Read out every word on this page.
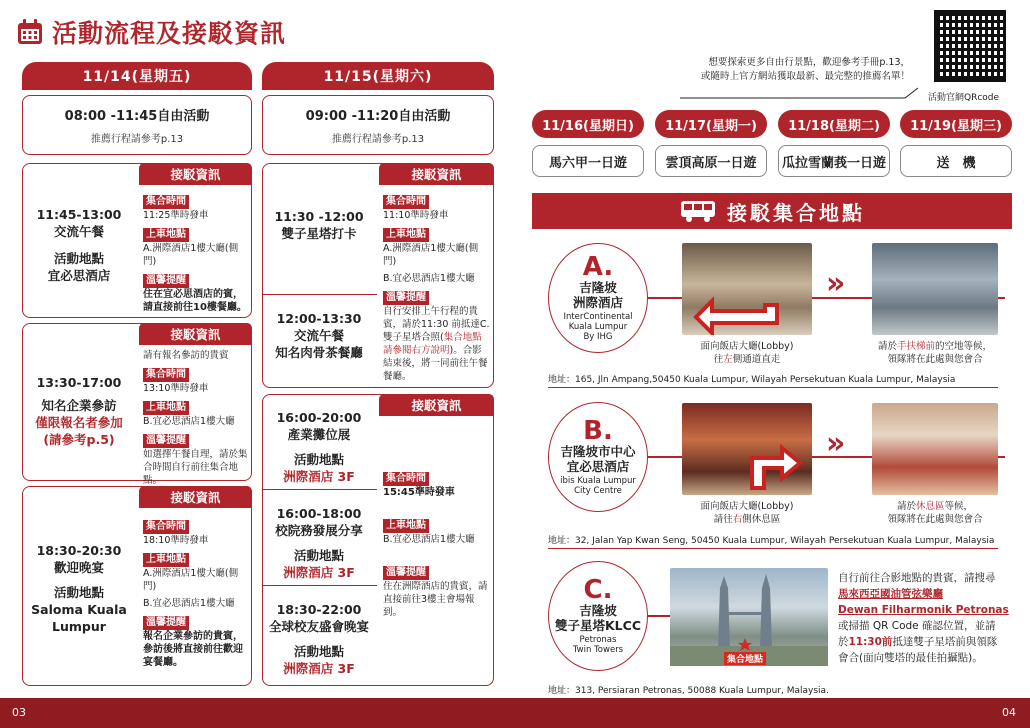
活動流程及接駁資訊
11/14(星期五)
08:00 -11:45自由活動
推薦行程請參考p.13
11:45-13:00
交流午餐
活動地點
宜必思酒店
接駁資訊
集合時間
11:25準時發車
上車地點
A.洲際酒店1樓大廳(側門)
溫馨提醒
住在宜必思酒店的賓，請直接前往10樓餐廳。
13:30-17:00
知名企業參訪
僅限報名者參加
(請參考p.5)
接駁資訊
請有報名參訪的貴賓
集合時間
13:10準時發車
上車地點
B.宜必思酒店1樓大廳
溫馨提醒
如選擇午餐自理，請於集合時間自行前往集合地點。
18:30-20:30
歡迎晚宴
活動地點
Saloma Kuala Lumpur
接駁資訊
集合時間
18:10準時發車
上車地點
A.洲際酒店1樓大廳(側門)
B.宜必思酒店1樓大廳
溫馨提醒
報名企業參訪的貴賓，參訪後將直接前往歡迎宴餐廳。
11/15(星期六)
09:00 -11:20自由活動
推薦行程請參考p.13
11:30 -12:00
雙子星塔打卡
12:00-13:30
交流午餐
知名肉骨茶餐廳
接駁資訊
集合時間
11:10準時發車
上車地點
A.洲際酒店1樓大廳(側門)
B.宜必思酒店1樓大廳
溫馨提醒
自行安排上午行程的貴賓，請於11:30 前抵達C.雙子星塔合照(集合地點請參閱右方說明)。合影結束後，將一同前往午餐餐廳。
16:00-20:00
產業攤位展
活動地點
洲際酒店 3F
16:00-18:00
校院務發展分享
活動地點
洲際酒店 3F
18:30-22:00
全球校友盛會晚宴
活動地點
洲際酒店 3F
接駁資訊
集合時間
15:45準時發車
上車地點
B.宜必思酒店1樓大廳
溫馨提醒
住在洲際酒店的貴賓，請直接前往3樓主會場報到。
想要探索更多自由行景點，歡迎參考手冊p.13，
或隨時上官方網站獲取最新、最完整的推薦名單！
活動官網QRcode
11/16(星期日)	11/17(星期一)	11/18(星期二)	11/19(星期三)
馬六甲一日遊	雲頂高原一日遊	瓜拉雪蘭莪一日遊	送　機
接駁集合地點
A.
吉隆坡
洲際酒店
InterContinental
Kuala Lumpur
By IHG
»
面向飯店大廳(Lobby)
往左側通道直走
請於手扶梯前的空地等候，
領隊將在此處與您會合
地址：165, Jln Ampang,50450 Kuala Lumpur, Wilayah Persekutuan Kuala Lumpur, Malaysia
B.
吉隆坡市中心
宜必思酒店
ibis Kuala Lumpur
City Centre
»
面向飯店大廳(Lobby)
請往右側休息區
請於休息區等候，
領隊將在此處與您會合
地址：32, Jalan Yap Kwan Seng, 50450 Kuala Lumpur, Wilayah Persekutuan Kuala Lumpur, Malaysia
C.
吉隆坡
雙子星塔KLCC
Petronas
Twin Towers
集合地點
自行前往合影地點的貴賓，請搜尋
馬來西亞國油管弦樂廳
Dewan Filharmonik Petronas
或掃描 QR Code 確認位置，並請
於11:30前抵達雙子星塔前與領隊
會合(面向雙塔的最佳拍攝點)。
地址：313, Persiaran Petronas, 50088 Kuala Lumpur, Malaysia.
03	04
